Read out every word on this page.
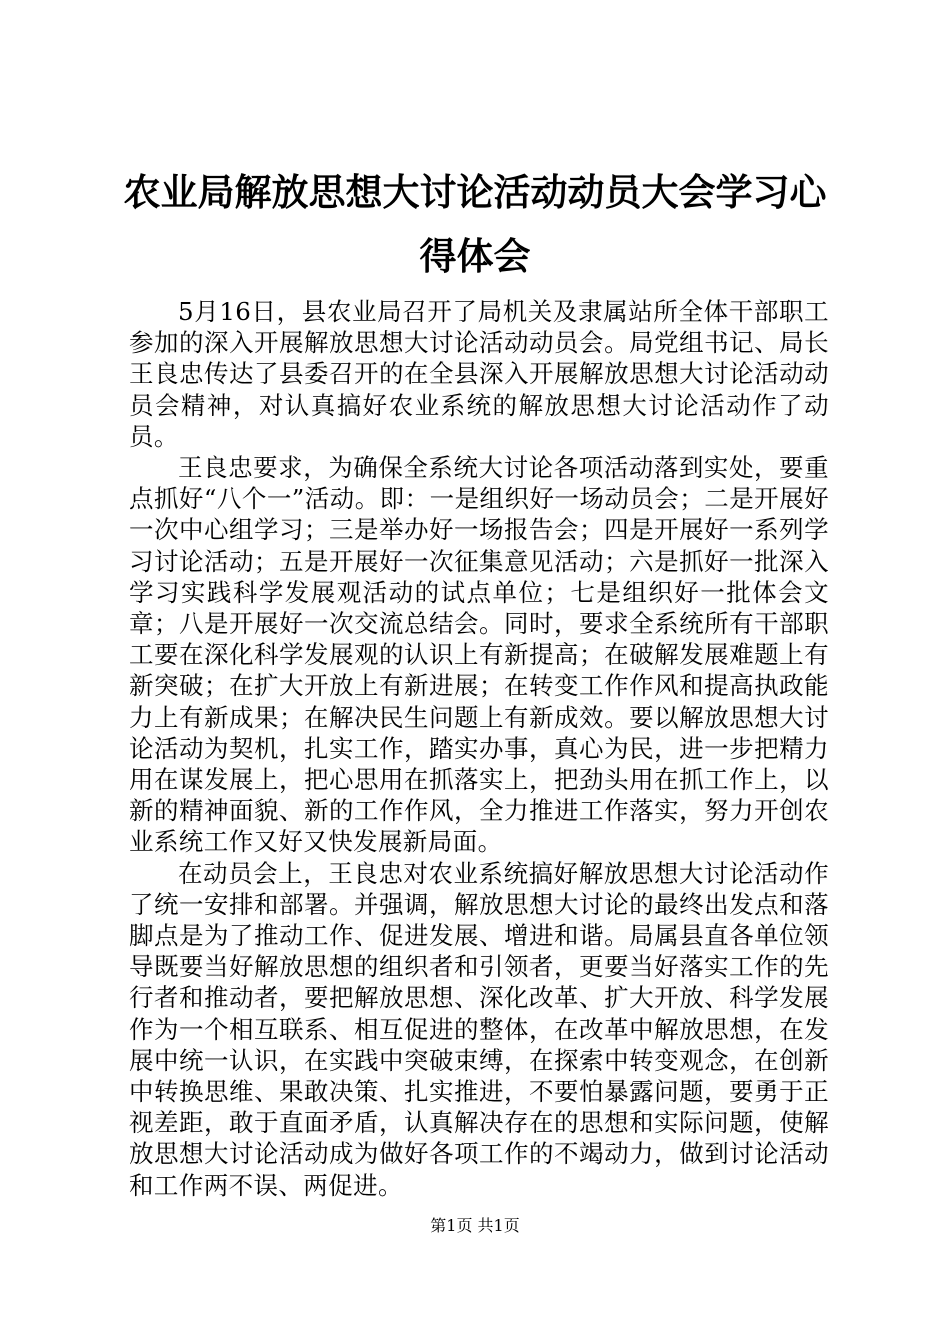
农业局解放思想大讨论活动动员大会学习心得体会

5月16日，县农业局召开了局机关及隶属站所全体干部职工参加的深入开展解放思想大讨论活动动员会。局党组书记、局长王良忠传达了县委召开的在全县深入开展解放思想大讨论活动动员会精神，对认真搞好农业系统的解放思想大讨论活动作了动员。

王良忠要求，为确保全系统大讨论各项活动落到实处，要重点抓好“八个一”活动。即：一是组织好一场动员会；二是开展好一次中心组学习；三是举办好一场报告会；四是开展好一系列学习讨论活动；五是开展好一次征集意见活动；六是抓好一批深入学习实践科学发展观活动的试点单位；七是组织好一批体会文章；八是开展好一次交流总结会。同时，要求全系统所有干部职工要在深化科学发展观的认识上有新提高；在破解发展难题上有新突破；在扩大开放上有新进展；在转变工作作风和提高执政能力上有新成果；在解决民生问题上有新成效。要以解放思想大讨论活动为契机，扎实工作，踏实办事，真心为民，进一步把精力用在谋发展上，把心思用在抓落实上，把劲头用在抓工作上，以新的精神面貌、新的工作作风，全力推进工作落实，努力开创农业系统工作又好又快发展新局面。

在动员会上，王良忠对农业系统搞好解放思想大讨论活动作了统一安排和部署。并强调，解放思想大讨论的最终出发点和落脚点是为了推动工作、促进发展、增进和谐。局属县直各单位领导既要当好解放思想的组织者和引领者，更要当好落实工作的先行者和推动者，要把解放思想、深化改革、扩大开放、科学发展作为一个相互联系、相互促进的整体，在改革中解放思想，在发展中统一认识，在实践中突破束缚，在探索中转变观念，在创新中转换思维、果敢决策、扎实推进，不要怕暴露问题，要勇于正视差距，敢于直面矛盾，认真解决存在的思想和实际问题，使解放思想大讨论活动成为做好各项工作的不竭动力，做到讨论活动和工作两不误、两促进。

第1页 共1页
